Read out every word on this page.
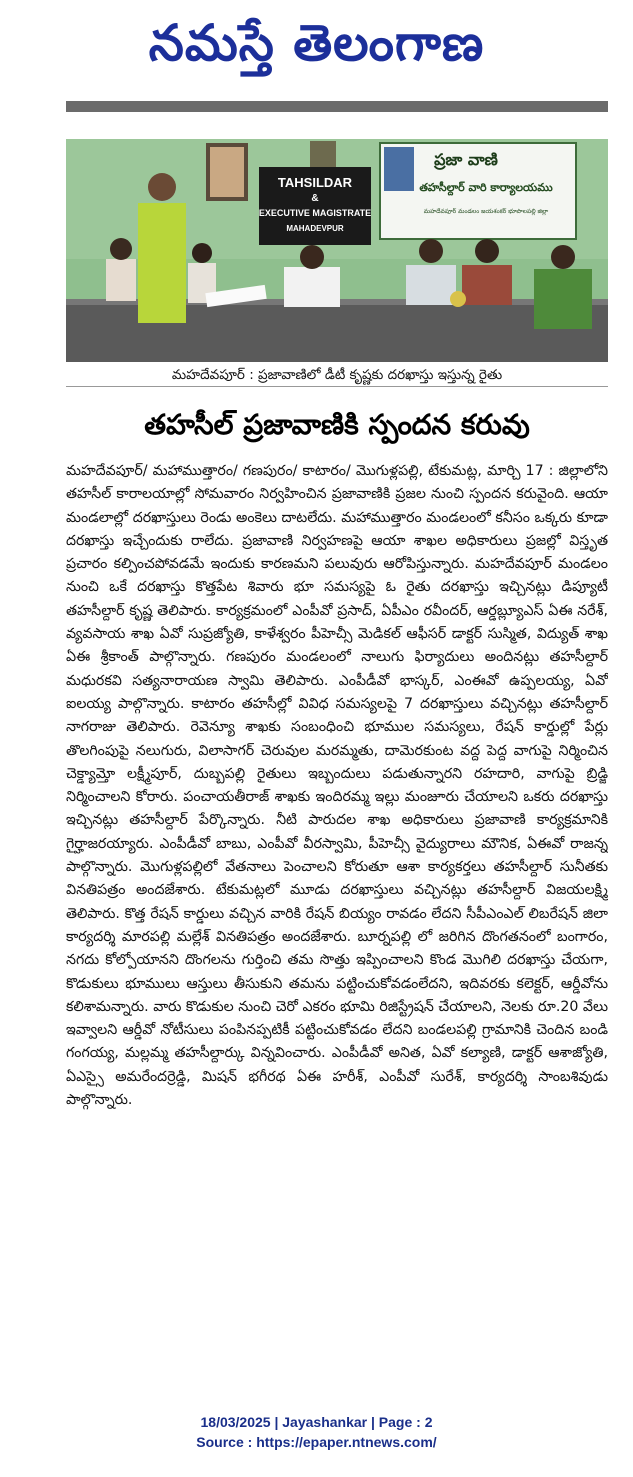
నమస్తే తెలంగాణ
TAHSILDAR
&
EXECUTIVE MAGISTRATE
MAHADEVPUR
ప్రజా వాణి
తహసీల్దార్ వారి కార్యాలయము
మహదేవపూర్ మండలం జయశంకర్ భూపాలపల్లి జిల్లా
మహదేవపూర్ : ప్రజావాణిలో డీటీ కృష్ణకు దరఖాస్తు ఇస్తున్న రైతు
తహసీల్ ప్రజావాణికి స్పందన కరువు

మహదేవపూర్/ మహాముత్తారం/ గణపురం/ కాటారం/ మొగుళ్లపల్లి, టేకుమట్ల, మార్చి 17 : జిల్లాలోని తహసీల్ కారాలయాల్లో సోమవారం నిర్వహించిన ప్రజావాణికి ప్రజల నుంచి స్పందన కరువైంది. ఆయా మండలాల్లో దరఖాస్తులు రెండు అంకెలు దాటలేదు. మహాముత్తారం మండలంలో కనీసం ఒక్కరు కూడా దరఖాస్తు ఇచ్చేందుకు రాలేదు. ప్రజావాణి నిర్వహణపై ఆయా శాఖల అధికారులు ప్రజల్లో విస్తృత ప్రచారం కల్పించపోవడమే ఇందుకు కారణమని పలువురు ఆరోపిస్తున్నారు. మహదేవపూర్ మండలం నుంచి ఒకే దరఖాస్తు కొత్తపేట శివారు భూ సమస్యపై ఓ రైతు దరఖాస్తు ఇచ్చినట్లు డిప్యూటీ తహసీల్దార్ కృష్ణ తెలిపారు. కార్యక్రమంలో ఎంపీవో ప్రసాద్, ఏపీఎం రవీందర్, ఆర్డబ్ల్యూఎస్ ఏఈ నరేశ్, వ్యవసాయ శాఖ ఏవో సుప్రజ్యోతి, కాళేశ్వరం పీహెచ్సీ మెడికల్ ఆఫీసర్ డాక్టర్ సుస్మిత, విద్యుత్ శాఖ ఏఈ శ్రీకాంత్ పాల్గొన్నారు. గణపురం మండలంలో నాలుగు ఫిర్యాదులు అందినట్లు తహసీల్దార్ మధురకవి సత్యనారాయణ స్వామి తెలిపారు. ఎంపీడీవో భాస్కర్, ఎంఈవో ఉప్పలయ్య, ఏవో ఐలయ్య పాల్గొన్నారు. కాటారం తహసీల్లో వివిధ సమస్యలపై 7 దరఖాస్తులు వచ్చినట్లు తహసీల్దార్ నాగరాజు తెలిపారు. రెవెన్యూ శాఖకు సంబంధించి భూముల సమస్యలు, రేషన్ కార్డుల్లో పేర్లు తొలగింపుపై నలుగురు, విలాసాగర్ చెరువుల మరమ్మతు, దామెరకుంట వద్ద పెద్ద వాగుపై నిర్మించిన చెక్డ్యామ్తో లక్ష్మీపూర్, దుబ్బపల్లి రైతులు ఇబ్బందులు పడుతున్నారని రహదారి, వాగుపై బ్రిడ్జి నిర్మించాలని కోరారు. పంచాయతీరాజ్ శాఖకు ఇందిరమ్మ ఇల్లు మంజూరు చేయాలని ఒకరు దరఖాస్తు ఇచ్చినట్లు తహసీల్దార్ పేర్కొన్నారు. నీటి పారుదల శాఖ అధికారులు ప్రజావాణి కార్యక్రమానికి గైర్హాజరయ్యారు. ఎంపీడీవో బాబు, ఎంపీవో వీరస్వామి, పీహెచ్సీ వైద్యురాలు మౌనిక, ఏఈవో రాజన్న పాల్గొన్నారు. మొగుళ్లపల్లిలో వేతనాలు పెంచాలని కోరుతూ ఆశా కార్యకర్తలు తహసీల్దార్ సునీతకు వినతిపత్రం అందజేశారు. టేకుమట్లలో మూడు దరఖాస్తులు వచ్చినట్లు తహసీల్దార్ విజయలక్ష్మి తెలిపారు. కొత్త రేషన్ కార్డులు వచ్చిన వారికి రేషన్ బియ్యం రావడం లేదని సీపీఎంఎల్ లిబరేషన్ జిలా కార్యదర్శి మారపల్లి మల్లేశ్ వినతిపత్రం అందజేశారు. బూర్నపల్లి లో జరిగిన దొంగతనంలో బంగారం, నగదు కోల్పోయానని దొంగలను గుర్తించి తమ సొత్తు ఇప్పించాలని కొండ మొగిలి దరఖాస్తు చేయగా, కొడుకులు భూములు ఆస్తులు తీసుకుని తమను పట్టించుకోవడంలేదని, ఇదివరకు కలెక్టర్, ఆర్డీవోను కలిశామన్నారు. వారు కొడుకుల నుంచి చెరో ఎకరం భూమి రిజిస్ట్రేషన్ చేయాలని, నెలకు రూ.20 వేలు ఇవ్వాలని ఆర్డీవో నోటీసులు పంపినప్పటికీ పట్టించుకోవడం లేదని బండలపల్లి గ్రామానికి చెందిన బండి గంగయ్య, మల్లమ్మ తహసీల్దార్కు విన్నవించారు. ఎంపీడీవో అనిత, ఏవో కల్యాణి, డాక్టర్ ఆశాజ్యోతి, ఏఎస్సై అమరేందర్రెడ్డి, మిషన్ భగీరథ ఏఈ హరీశ్, ఎంపీవో సురేశ్, కార్యదర్శి సాంబశివుడు పాల్గొన్నారు.

18/03/2025 | Jayashankar | Page : 2
Source : https://epaper.ntnews.com/
